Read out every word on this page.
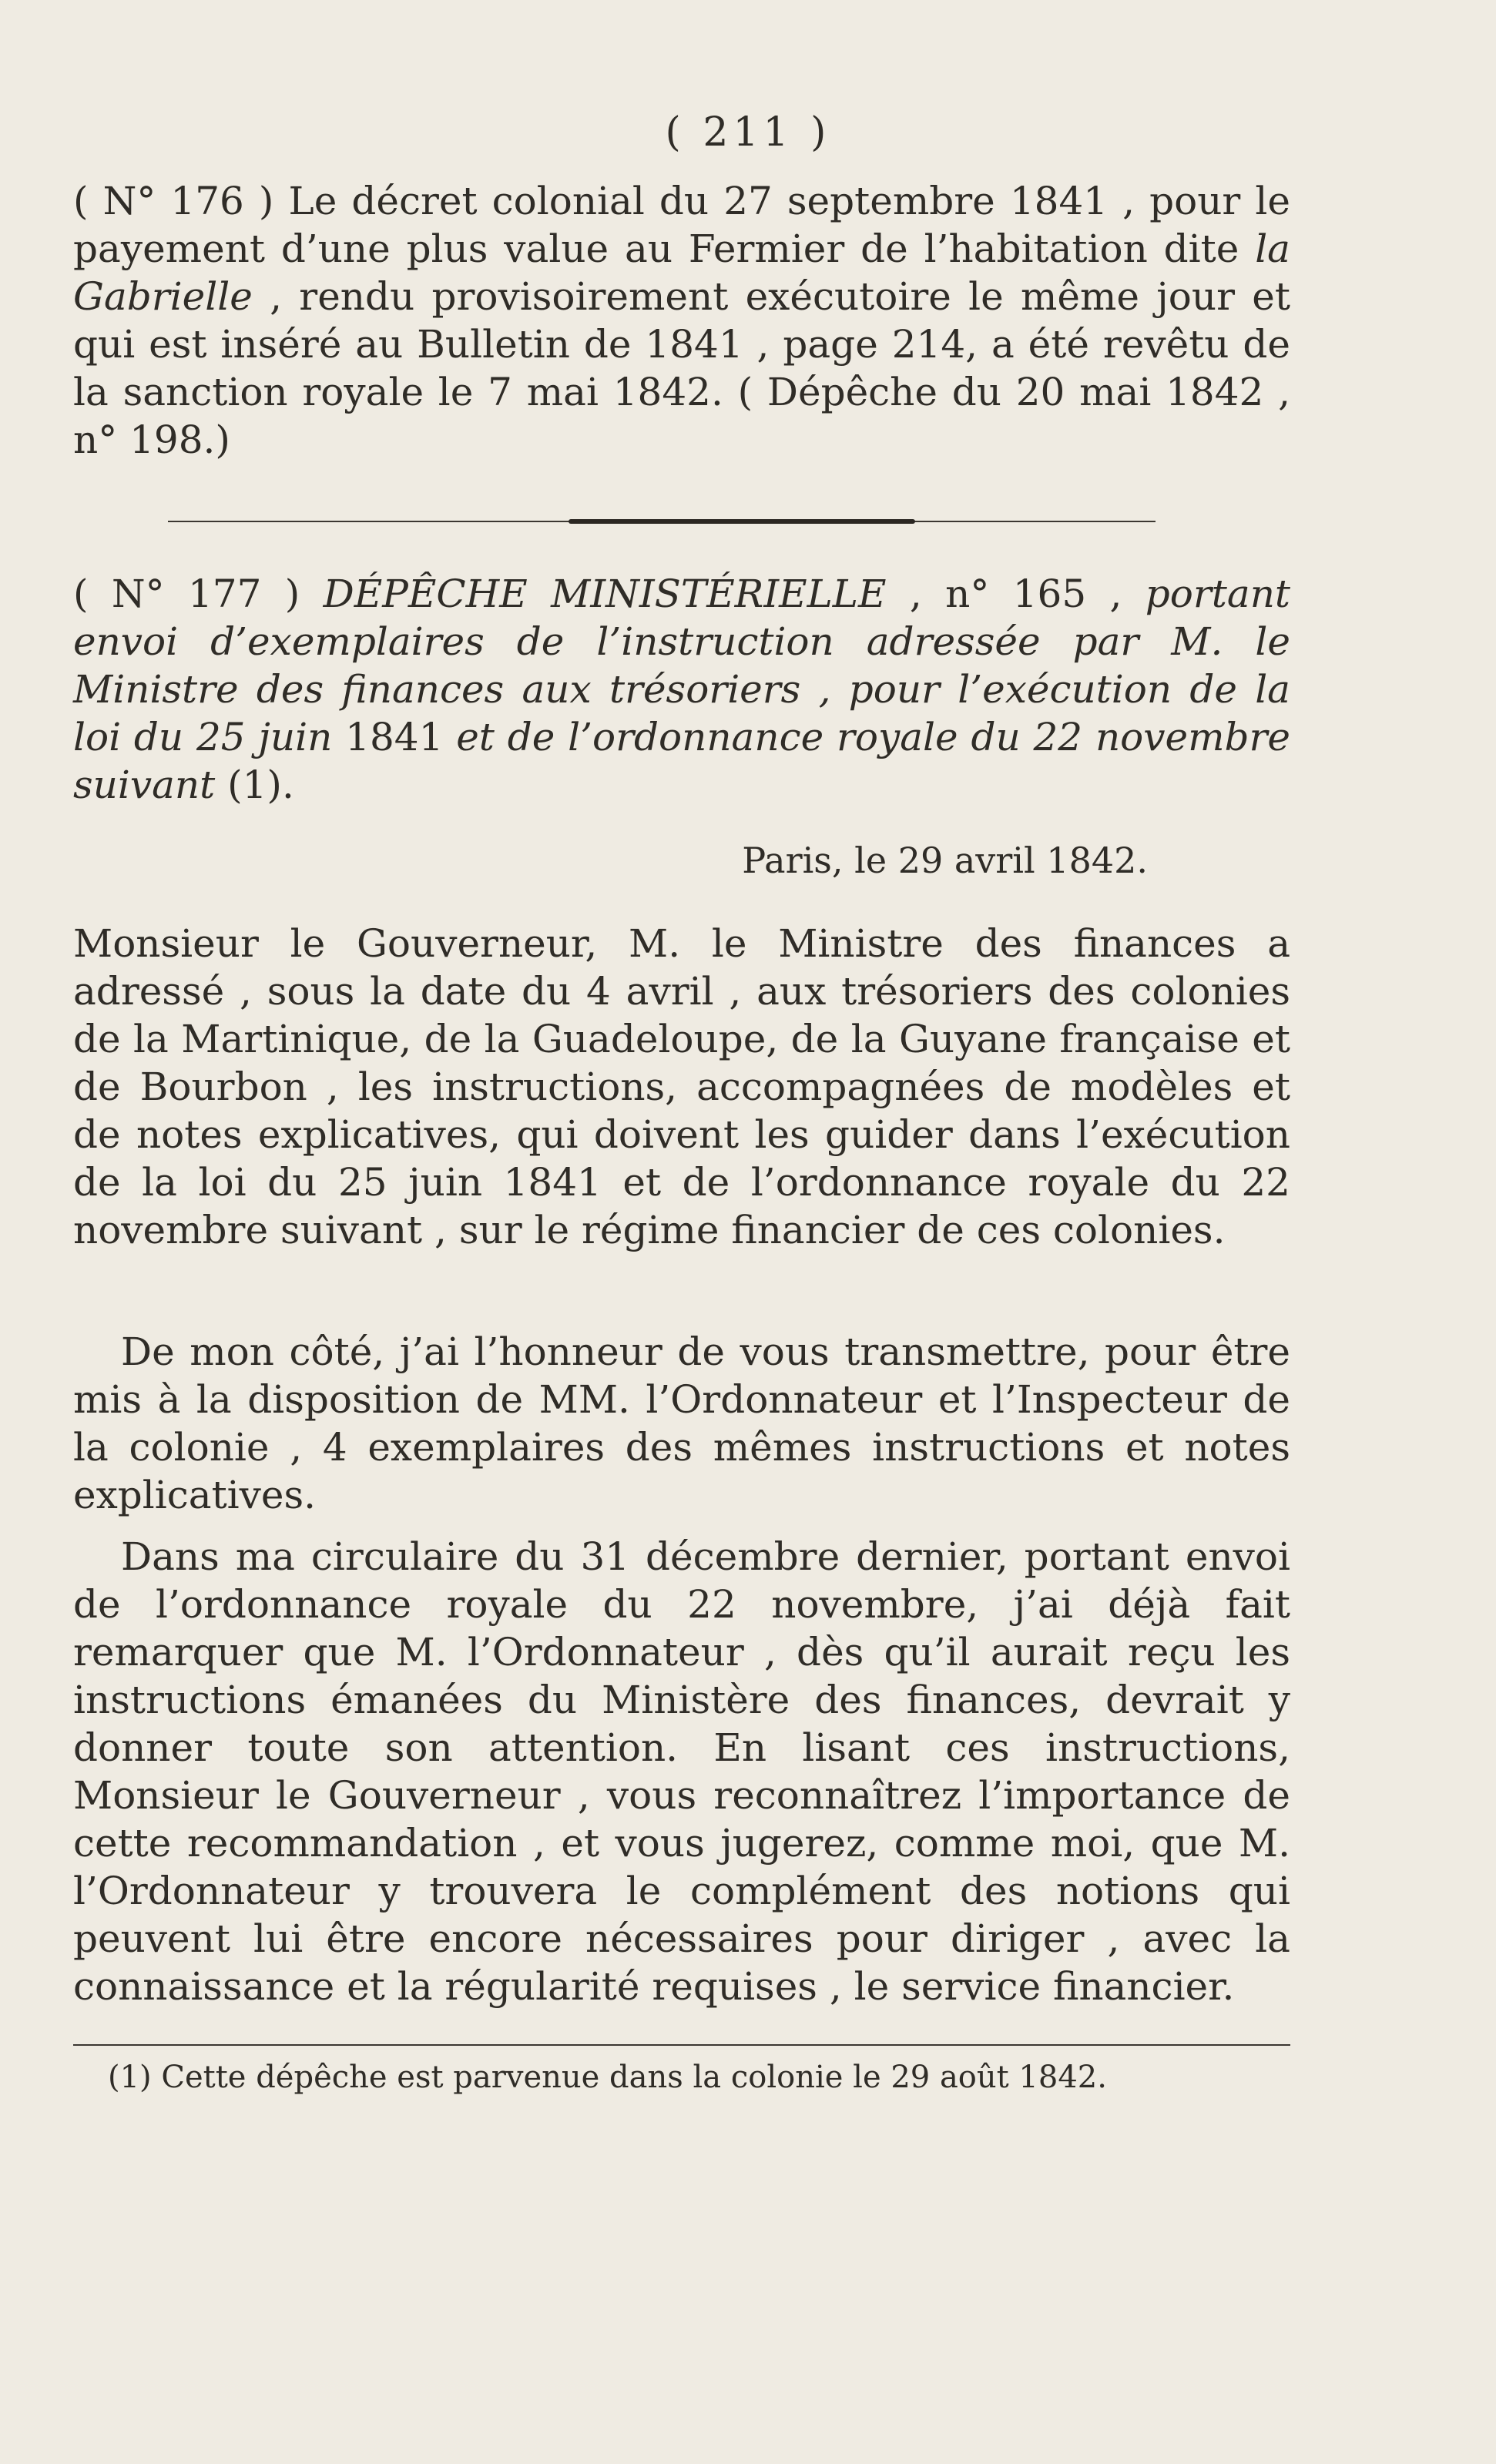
( 211 )
( N° 176 ) Le décret colonial du 27 septembre 1841 , pour le payement d’une plus value au Fermier de l’habitation dite la Gabrielle , rendu provisoirement exécutoire le même jour et qui est inséré au Bulletin de 1841 , page 214, a été revêtu de la sanction royale le 7 mai 1842. ( Dépêche du 20 mai 1842 , n° 198.)
( N° 177 ) DÉPÊCHE MINISTÉRIELLE , n° 165 , portant envoi d’exemplaires de l’instruction adressée par M. le Ministre des finances aux trésoriers , pour l’exécution de la loi du 25 juin 1841 et de l’ordonnance royale du 22 novembre suivant (1).
Paris, le 29 avril 1842.
Monsieur le Gouverneur, M. le Ministre des finances a adressé , sous la date du 4 avril , aux trésoriers des colonies de la Martinique, de la Guadeloupe, de la Guyane française et de Bourbon , les instructions, accompagnées de modèles et de notes explicatives, qui doivent les guider dans l’exécution de la loi du 25 juin 1841 et de l’ordonnance royale du 22 novembre suivant , sur le régime financier de ces colonies.
De mon côté, j’ai l’honneur de vous transmettre, pour être mis à la disposition de MM. l’Ordonnateur et l’Inspecteur de la colonie , 4 exemplaires des mêmes instructions et notes explicatives.
Dans ma circulaire du 31 décembre dernier, portant envoi de l’ordonnance royale du 22 novembre, j’ai déjà fait remarquer que M. l’Ordonnateur , dès qu’il aurait reçu les instructions émanées du Ministère des finances, devrait y donner toute son attention. En lisant ces instructions, Monsieur le Gouverneur , vous reconnaîtrez l’importance de cette recommandation , et vous jugerez, comme moi, que M. l’Ordonnateur y trouvera le complément des notions qui peuvent lui être encore nécessaires pour diriger , avec la connaissance et la régularité requises , le service financier.
(1) Cette dépêche est parvenue dans la colonie le 29 août 1842.
